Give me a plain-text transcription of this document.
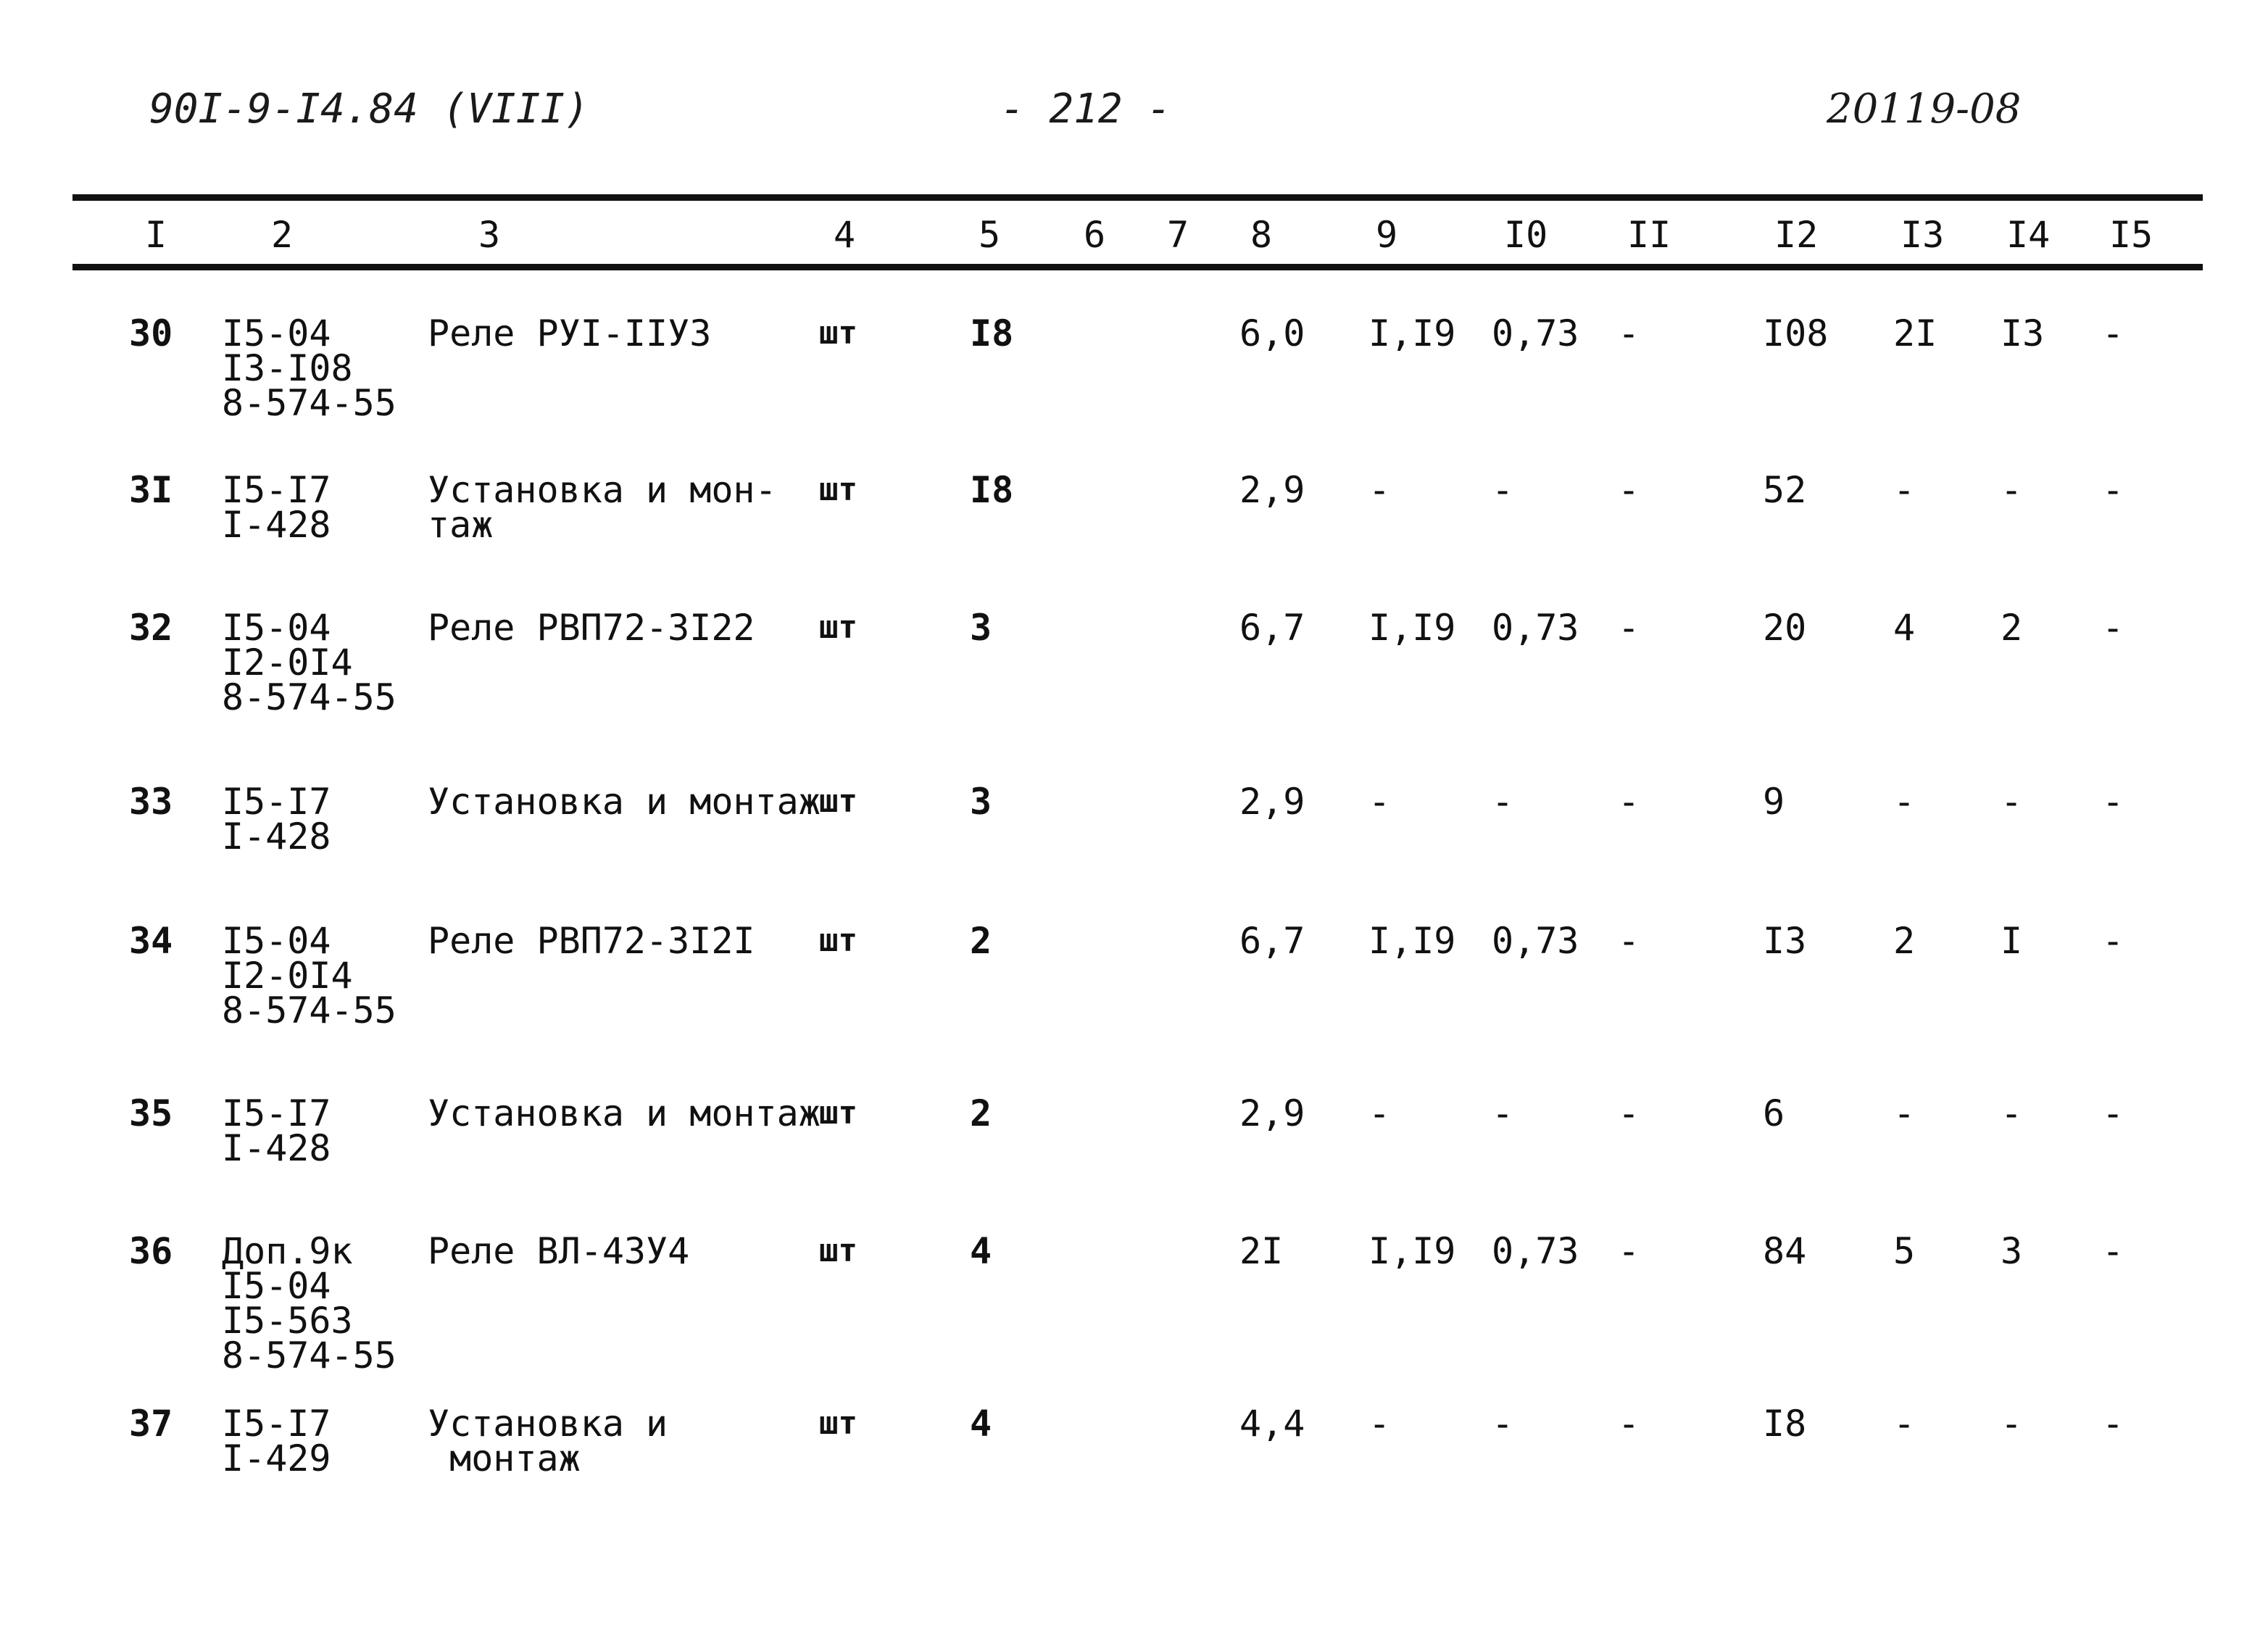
90I-9-I4.84 (VIII)	- 212 -	20119-08
I	2	3	4	5 6 7 8	9	I0 II	I2 I3 I4 I5
30 I5-04
I3-I08
8-574-55
Реле РУI-IIУ3	шт	I8	6,0 I,I9 0,73 -	I08 2I I3 -
3I I5-I7
I-428
Установка и мон-
таж
шт	I8	2,9 -	-	-	52 - - -
32 I5-04
I2-0I4
8-574-55
Реле РВП72-3I22 шт	3	6,7 I,I9 0,73 -	20 4 2 -
33 I5-I7
I-428
Установка и монтаж
шт	3	2,9 -	-	-	9	- - -
34 I5-04
I2-0I4
8-574-55
Реле РВП72-3I2I шт	2	6,7 I,I9 0,73 -	I3 2 I -
35 I5-I7
I-428
Установка и монтаж
шт	2	2,9 -	-	-	6	- - -
36 Доп.9к
I5-04
I5-563
8-574-55
Реле ВЛ-43У4	шт	4	2I I,I9 0,73 -	84 5 3 -
37 I5-I7
I-429
Установка и
монтаж
шт	4	4,4 -	-	-	I8 - - -
